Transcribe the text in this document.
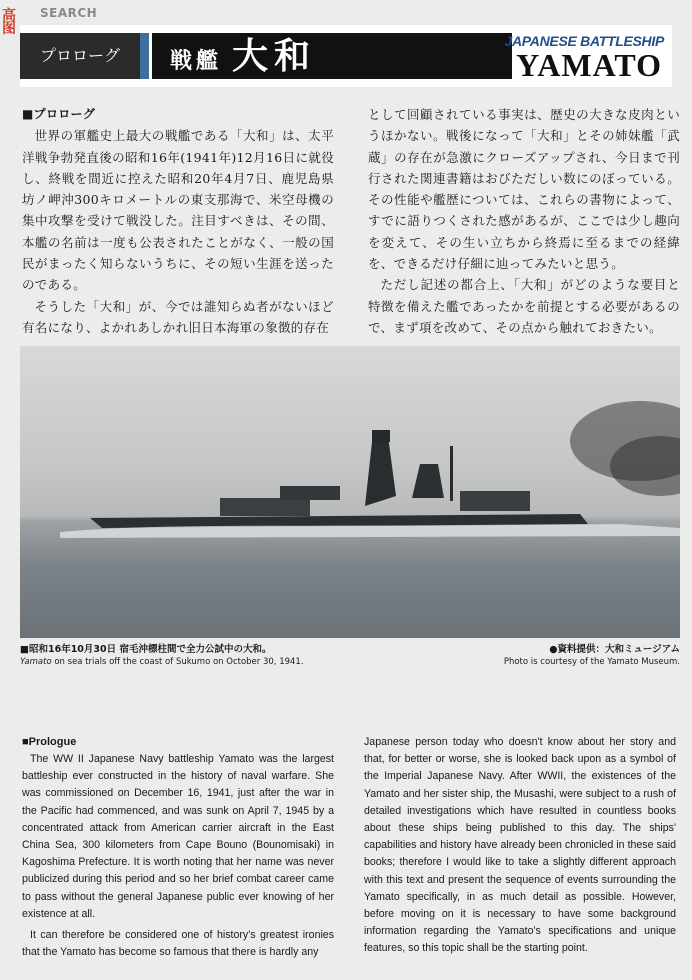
高
图
SEARCH
プロローグ	戦艦 大和	JAPANESE BATTLESHIP
YAMATO
■プロローグ

世界の軍艦史上最大の戦艦である「大和」は、太平洋戦争勃発直後の昭和16年(1941年)12月16日に就役し、終戦を間近に控えた昭和20年4月7日、鹿児島県坊ノ岬沖300キロメートルの東支那海で、米空母機の集中攻撃を受けて戦没した。注目すべきは、その間、本艦の名前は一度も公表されたことがなく、一般の国民がまったく知らないうちに、その短い生涯を送ったのである。

そうした「大和」が、今では誰知らぬ者がないほど有名になり、よかれあしかれ旧日本海軍の象徴的存在

として回顧されている事実は、歴史の大きな皮肉というほかない。戦後になって「大和」とその姉妹艦「武蔵」の存在が急激にクローズアップされ、今日まで刊行された関連書籍はおびただしい数にのぼっている。その性能や艦歴については、これらの書物によって、すでに語りつくされた感があるが、ここでは少し趣向を変えて、その生い立ちから終焉に至るまでの経緯を、できるだけ仔細に辿ってみたいと思う。

ただし記述の都合上、「大和」がどのような要目と特徴を備えた艦であったかを前提とする必要があるので、まず項を改めて、その点から触れておきたい。

■昭和16年10月30日 宿毛沖標柱間で全力公試中の大和。
Yamato on sea trials off the coast of Sukumo on October 30, 1941.
●資料提供：大和ミュージアム
Photo is courtesy of the Yamato Museum.
■Prologue

The WW II Japanese Navy battleship Yamato was the largest battleship ever constructed in the history of naval warfare. She was commissioned on December 16, 1941, just after the war in the Pacific had commenced, and was sunk on April 7, 1945 by a concentrated attack from American carrier aircraft in the East China Sea, 300 kilometers from Cape Bouno (Bounomisaki) in Kagoshima Prefecture. It is worth noting that her name was never publicized during this period and so her brief combat career came to pass without the general Japanese public ever knowing of her existence at all.

It can therefore be considered one of history's greatest ironies that the Yamato has become so famous that there is hardly any

Japanese person today who doesn't know about her story and that, for better or worse, she is looked back upon as a symbol of the Imperial Japanese Navy. After WWII, the existences of the Yamato and her sister ship, the Musashi, were subject to a rush of detailed investigations which have resulted in countless books about these ships being published to this day. The ships' capabilities and history have already been chronicled in these said books; therefore I would like to take a slightly different approach with this text and present the sequence of events surrounding the Yamato specifically, in as much detail as possible. However, before moving on it is necessary to have some background information regarding the Yamato's specifications and unique features, so this topic shall be the starting point.
